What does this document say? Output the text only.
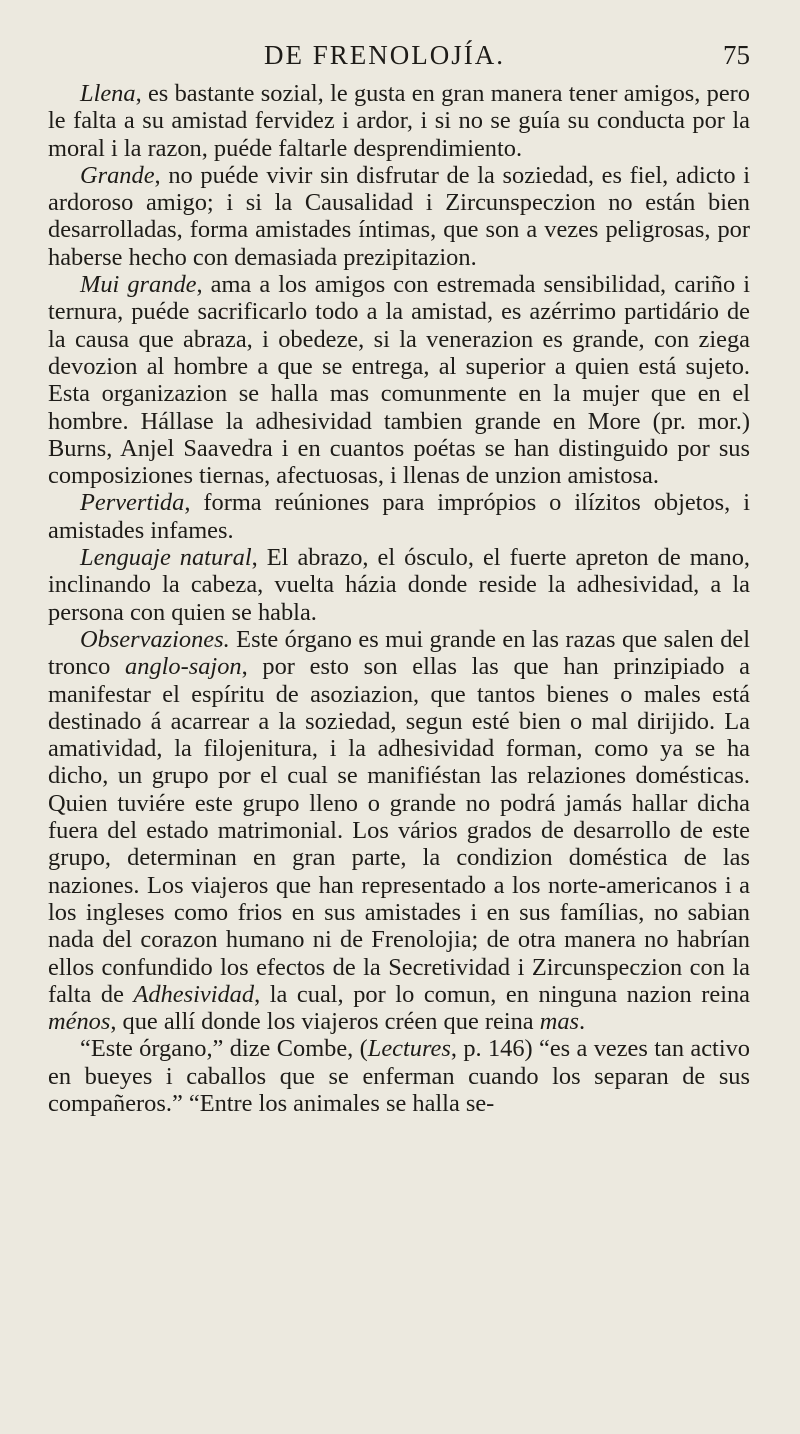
DE FRENOLOJÍA.	75

Llena, es bastante sozial, le gusta en gran manera tener amigos, pero le falta a su amistad fervidez i ardor, i si no se guía su conducta por la moral i la razon, puéde faltarle desprendimiento.

Grande, no puéde vivir sin disfrutar de la soziedad, es fiel, adicto i ardoroso amigo; i si la Causalidad i Zircunspeczion no están bien desarrolladas, forma amistades íntimas, que son a vezes peligrosas, por haberse hecho con demasiada prezipitazion.

Mui grande, ama a los amigos con estremada sensibilidad, cariño i ternura, puéde sacrificarlo todo a la amistad, es azérrimo partidário de la causa que abraza, i obedeze, si la venerazion es grande, con ziega devozion al hombre a que se entrega, al superior a quien está sujeto. Esta organizazion se halla mas comunmente en la mujer que en el hombre. Hállase la adhesividad tambien grande en More (pr. mor.) Burns, Anjel Saavedra i en cuantos poétas se han distinguido por sus composiziones tiernas, afectuosas, i llenas de unzion amistosa.

Pervertida, forma reúniones para imprópios o ilízitos objetos, i amistades infames.

Lenguaje natural, El abrazo, el ósculo, el fuerte apreton de mano, inclinando la cabeza, vuelta házia donde reside la adhesividad, a la persona con quien se habla.

Observaziones. Este órgano es mui grande en las razas que salen del tronco anglo-sajon, por esto son ellas las que han prinzipiado a manifestar el espíritu de asoziazion, que tantos bienes o males está destinado á acarrear a la soziedad, segun esté bien o mal dirijido. La amatividad, la filojenitura, i la adhesividad forman, como ya se ha dicho, un grupo por el cual se manifiéstan las relaziones domésticas. Quien tuviére este grupo lleno o grande no podrá jamás hallar dicha fuera del estado matrimonial. Los vários grados de desarrollo de este grupo, determinan en gran parte, la condizion doméstica de las naziones. Los viajeros que han representado a los norte-americanos i a los ingleses como frios en sus amistades i en sus famílias, no sabian nada del corazon humano ni de Frenolojia; de otra manera no habrían ellos confundido los efectos de la Secretividad i Zircunspeczion con la falta de Adhesividad, la cual, por lo comun, en ninguna nazion reina ménos, que allí donde los viajeros créen que reina mas.

“Este órgano,” dize Combe, (Lectures, p. 146) “es a vezes tan activo en bueyes i caballos que se enferman cuando los separan de sus compañeros.” “Entre los animales se halla se-
